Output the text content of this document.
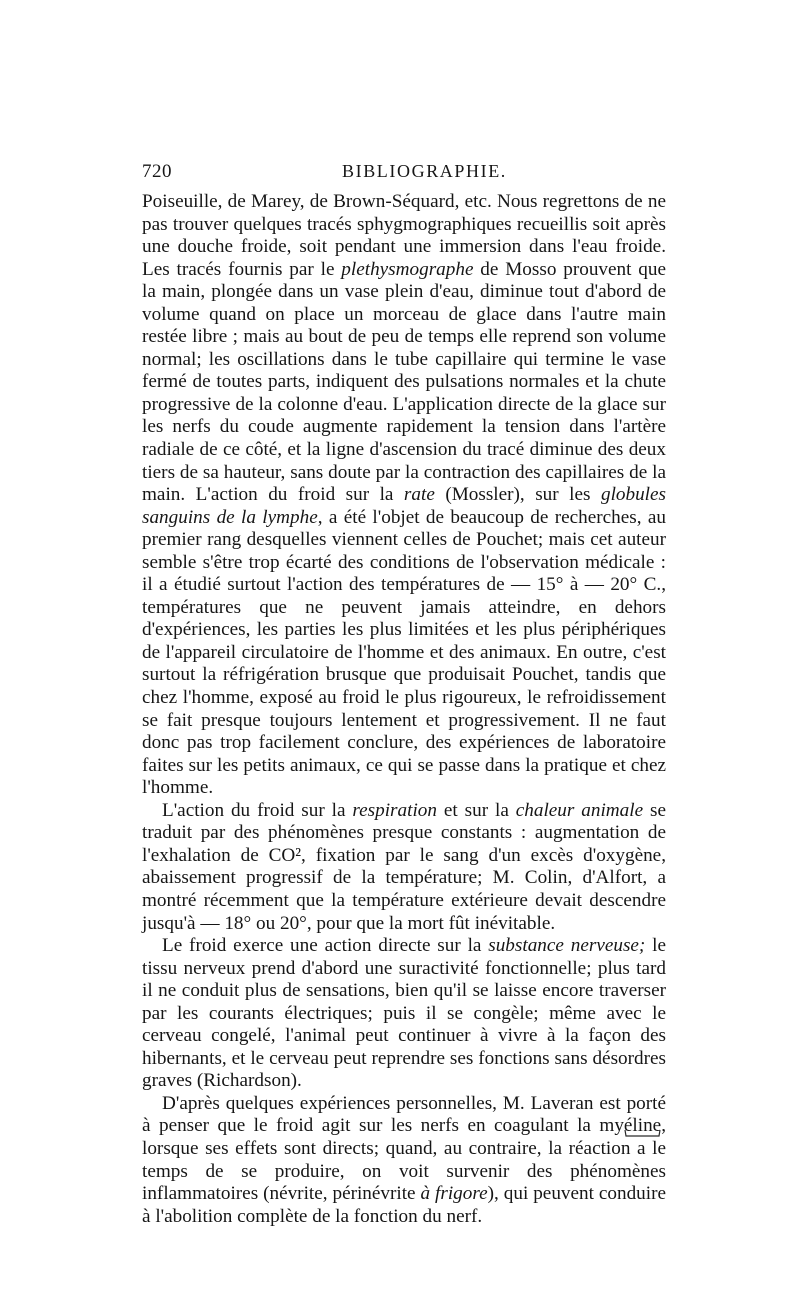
720	BIBLIOGRAPHIE.

Poiseuille, de Marey, de Brown-Séquard, etc. Nous regrettons de ne pas trouver quelques tracés sphygmographiques recueillis soit après une douche froide, soit pendant une immersion dans l'eau froide. Les tracés fournis par le plethysmographe de Mosso prouvent que la main, plongée dans un vase plein d'eau, diminue tout d'abord de volume quand on place un morceau de glace dans l'autre main restée libre ; mais au bout de peu de temps elle reprend son volume normal; les oscillations dans le tube capillaire qui termine le vase fermé de toutes parts, indiquent des pulsations normales et la chute progressive de la colonne d'eau. L'application directe de la glace sur les nerfs du coude augmente rapidement la tension dans l'artère radiale de ce côté, et la ligne d'ascension du tracé diminue des deux tiers de sa hauteur, sans doute par la contraction des capillaires de la main. L'action du froid sur la rate (Mossler), sur les globules sanguins de la lymphe, a été l'objet de beaucoup de recherches, au premier rang desquelles viennent celles de Pouchet; mais cet auteur semble s'être trop écarté des conditions de l'observation médicale : il a étudié surtout l'action des températures de — 15° à — 20° C., températures que ne peuvent jamais atteindre, en dehors d'expériences, les parties les plus limitées et les plus périphériques de l'appareil circulatoire de l'homme et des animaux. En outre, c'est surtout la réfrigération brusque que produisait Pouchet, tandis que chez l'homme, exposé au froid le plus rigoureux, le refroidissement se fait presque toujours lentement et progressivement. Il ne faut donc pas trop facilement conclure, des expériences de laboratoire faites sur les petits animaux, ce qui se passe dans la pratique et chez l'homme.

L'action du froid sur la respiration et sur la chaleur animale se traduit par des phénomènes presque constants : augmentation de l'exhalation de CO², fixation par le sang d'un excès d'oxygène, abaissement progressif de la température; M. Colin, d'Alfort, a montré récemment que la température extérieure devait descendre jusqu'à — 18° ou 20°, pour que la mort fût inévitable.

Le froid exerce une action directe sur la substance nerveuse; le tissu nerveux prend d'abord une suractivité fonctionnelle; plus tard il ne conduit plus de sensations, bien qu'il se laisse encore traverser par les courants électriques; puis il se congèle; même avec le cerveau congelé, l'animal peut continuer à vivre à la façon des hibernants, et le cerveau peut reprendre ses fonctions sans désordres graves (Richardson).

D'après quelques expériences personnelles, M. Laveran est porté à penser que le froid agit sur les nerfs en coagulant la myéline, lorsque ses effets sont directs; quand, au contraire, la réaction a le temps de se produire, on voit survenir des phénomènes inflammatoires (névrite, périnévrite à frigore), qui peuvent conduire à l'abolition complète de la fonction du nerf.
